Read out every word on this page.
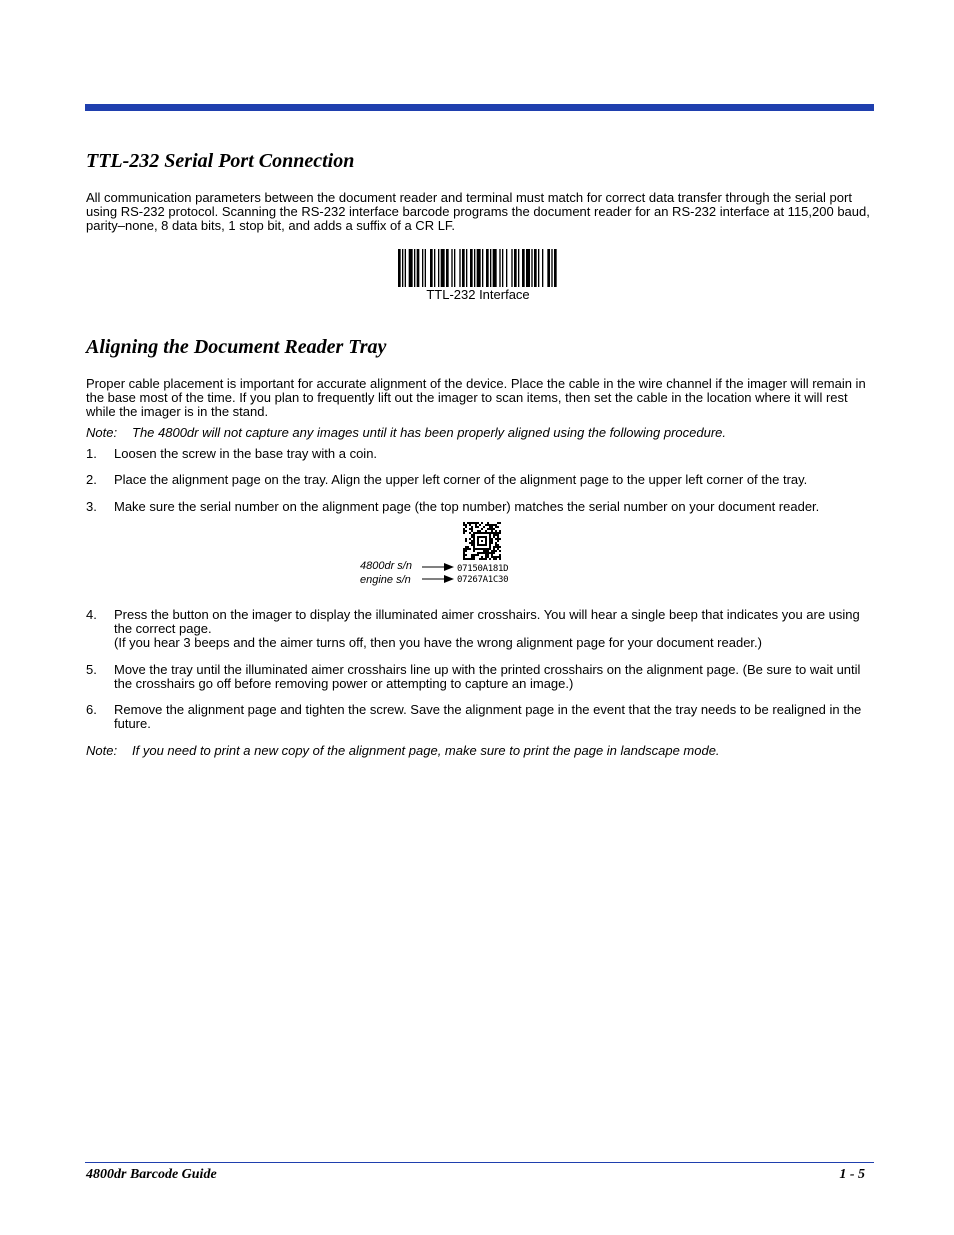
TTL-232 Serial Port Connection

All communication parameters between the document reader and terminal must match for correct data transfer through the serial port using RS-232 protocol. Scanning the RS-232 interface barcode programs the document reader for an RS-232 interface at 115,200 baud, parity–none, 8 data bits, 1 stop bit, and adds a suffix of a CR LF.

TTL-232 Interface
Aligning the Document Reader Tray

Proper cable placement is important for accurate alignment of the device. Place the cable in the wire channel if the imager will remain in the base most of the time. If you plan to frequently lift out the imager to scan items, then set the cable in the location where it will rest while the imager is in the stand.

Note: The 4800dr will not capture any images until it has been properly aligned using the following procedure.

1.	Loosen the screw in the base tray with a coin.
2.	Place the alignment page on the tray. Align the upper left corner of the alignment page to the upper left corner of the tray.
3.	Make sure the serial number on the alignment page (the top number) matches the serial number on your document reader.
4800dr s/n
engine s/n
07150A181D
07267A1C30
4.	Press the button on the imager to display the illuminated aimer crosshairs. You will hear a single beep that indicates you are using the correct page.
(If you hear 3 beeps and the aimer turns off, then you have the wrong alignment page for your document reader.)
5.	Move the tray until the illuminated aimer crosshairs line up with the printed crosshairs on the alignment page. (Be sure to wait until the crosshairs go off before removing power or attempting to capture an image.)
6.	Remove the alignment page and tighten the screw. Save the alignment page in the event that the tray needs to be realigned in the future.

Note: If you need to print a new copy of the alignment page, make sure to print the page in landscape mode.

4800dr Barcode Guide	1 - 5
